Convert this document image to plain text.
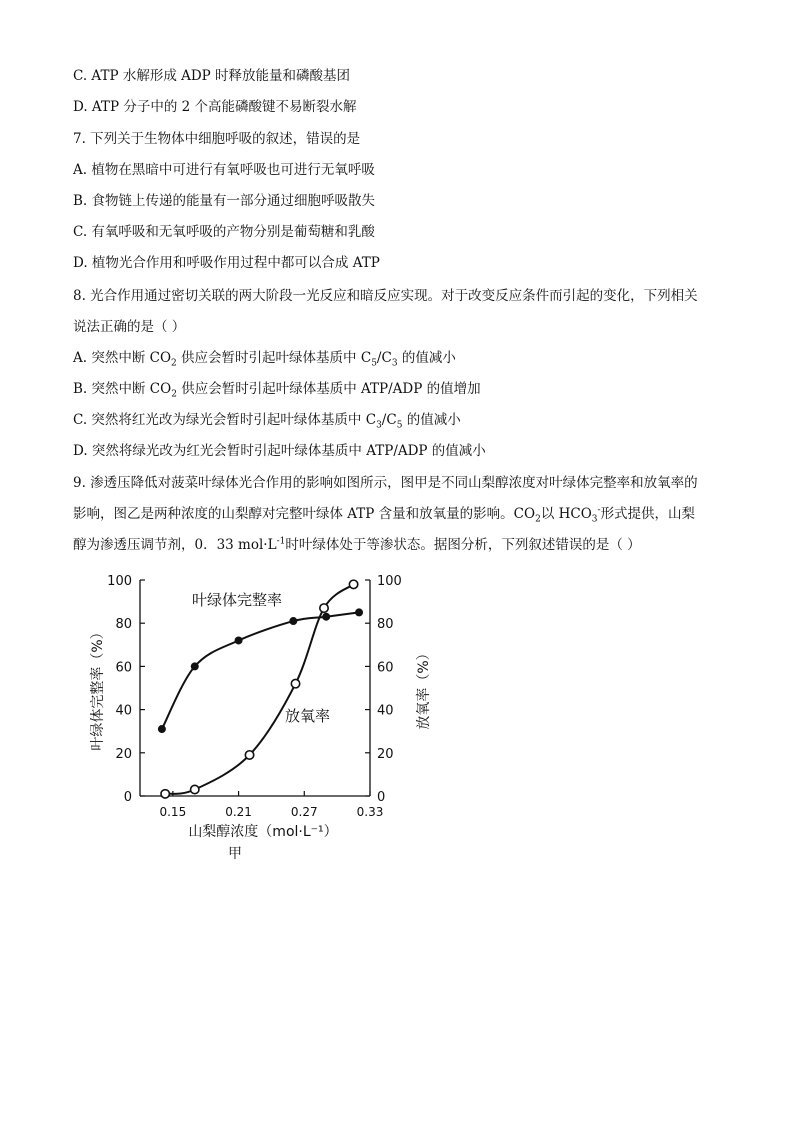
C. ATP 水解形成 ADP 时释放能量和磷酸基团
D. ATP 分子中的 2 个高能磷酸键不易断裂水解
7. 下列关于生物体中细胞呼吸的叙述，错误的是
A. 植物在黑暗中可进行有氧呼吸也可进行无氧呼吸
B. 食物链上传递的能量有一部分通过细胞呼吸散失
C. 有氧呼吸和无氧呼吸的产物分别是葡萄糖和乳酸
D. 植物光合作用和呼吸作用过程中都可以合成 ATP
8. 光合作用通过密切关联的两大阶段一光反应和暗反应实现。对于改变反应条件而引起的变化，下列相关
说法正确的是（ ）
A. 突然中断 $CO_2$ 供应会暂时引起叶绿体基质中 $C_5/C_3$ 的值减小
B. 突然中断 $CO_2$ 供应会暂时引起叶绿体基质中 ATP/ADP 的值增加
C. 突然将红光改为绿光会暂时引起叶绿体基质中 $C_3/C_5$ 的值减小
D. 突然将绿光改为红光会暂时引起叶绿体基质中 ATP/ADP 的值减小
9. 渗透压降低对菠菜叶绿体光合作用的影响如图所示，图甲是不同山梨醇浓度对叶绿体完整率和放氧率的
影响，图乙是两种浓度的山梨醇对完整叶绿体 ATP 含量和放氧量的影响。$CO_2$以 $HCO_3^-$形式提供，山梨
醇为渗透压调节剂，0．33 $mol\cdot L^{-1}$时叶绿体处于等渗状态。据图分析，下列叙述错误的是（ ）
0
20
40
60
80
100
0
20
40
60
80
100
0.15	0.21	0.27	0.33
叶绿体完整率
放氧率
叶绿体完整率（%）	放氧率（%）
山梨醇浓度（mol·L⁻¹）
甲
